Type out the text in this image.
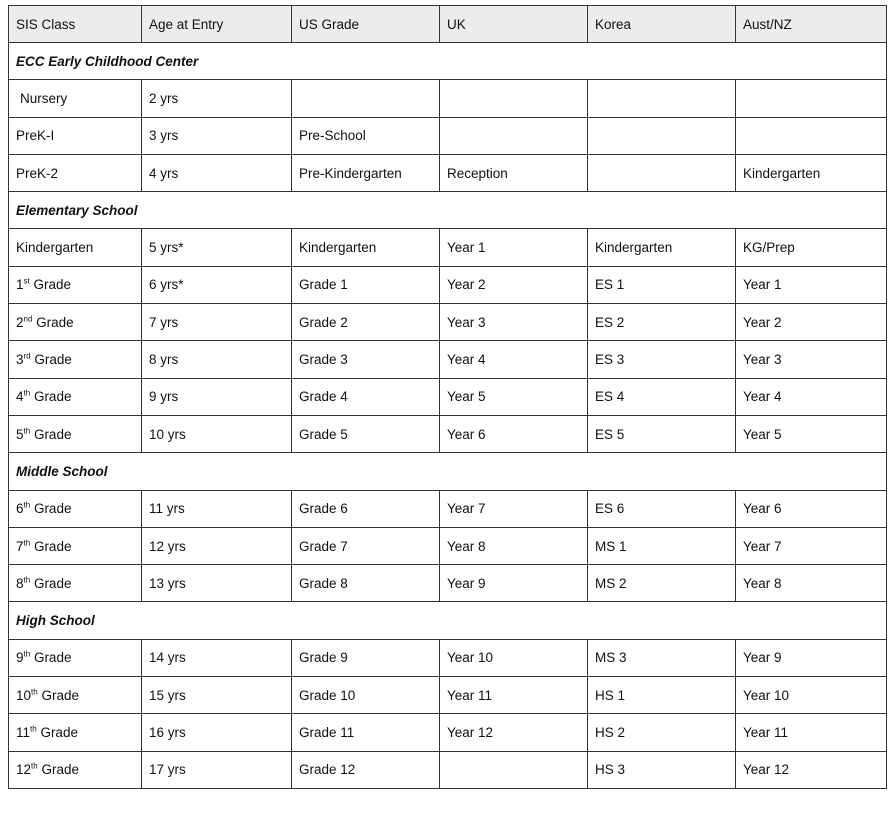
SIS Class	Age at Entry	US Grade	UK	Korea	Aust/NZ
ECC Early Childhood Center					
Nursery	2 yrs				
PreK-I	3 yrs	Pre-School			
PreK-2	4 yrs	Pre-Kindergarten	Reception		Kindergarten
Elementary School					
Kindergarten	5 yrs*	Kindergarten	Year 1	Kindergarten	KG/Prep
1st Grade	6 yrs*	Grade 1	Year 2	ES 1	Year 1
2nd Grade	7 yrs	Grade 2	Year 3	ES 2	Year 2
3rd Grade	8 yrs	Grade 3	Year 4	ES 3	Year 3
4th Grade	9 yrs	Grade 4	Year 5	ES 4	Year 4
5th Grade	10 yrs	Grade 5	Year 6	ES 5	Year 5
Middle School					
6th Grade	11 yrs	Grade 6	Year 7	ES 6	Year 6
7th Grade	12 yrs	Grade 7	Year 8	MS 1	Year 7
8th Grade	13 yrs	Grade 8	Year 9	MS 2	Year 8
High School					
9th Grade	14 yrs	Grade 9	Year 10	MS 3	Year 9
10th Grade	15 yrs	Grade 10	Year 11	HS 1	Year 10
11th Grade	16 yrs	Grade 11	Year 12	HS 2	Year 11
12th Grade	17 yrs	Grade 12		HS 3	Year 12
